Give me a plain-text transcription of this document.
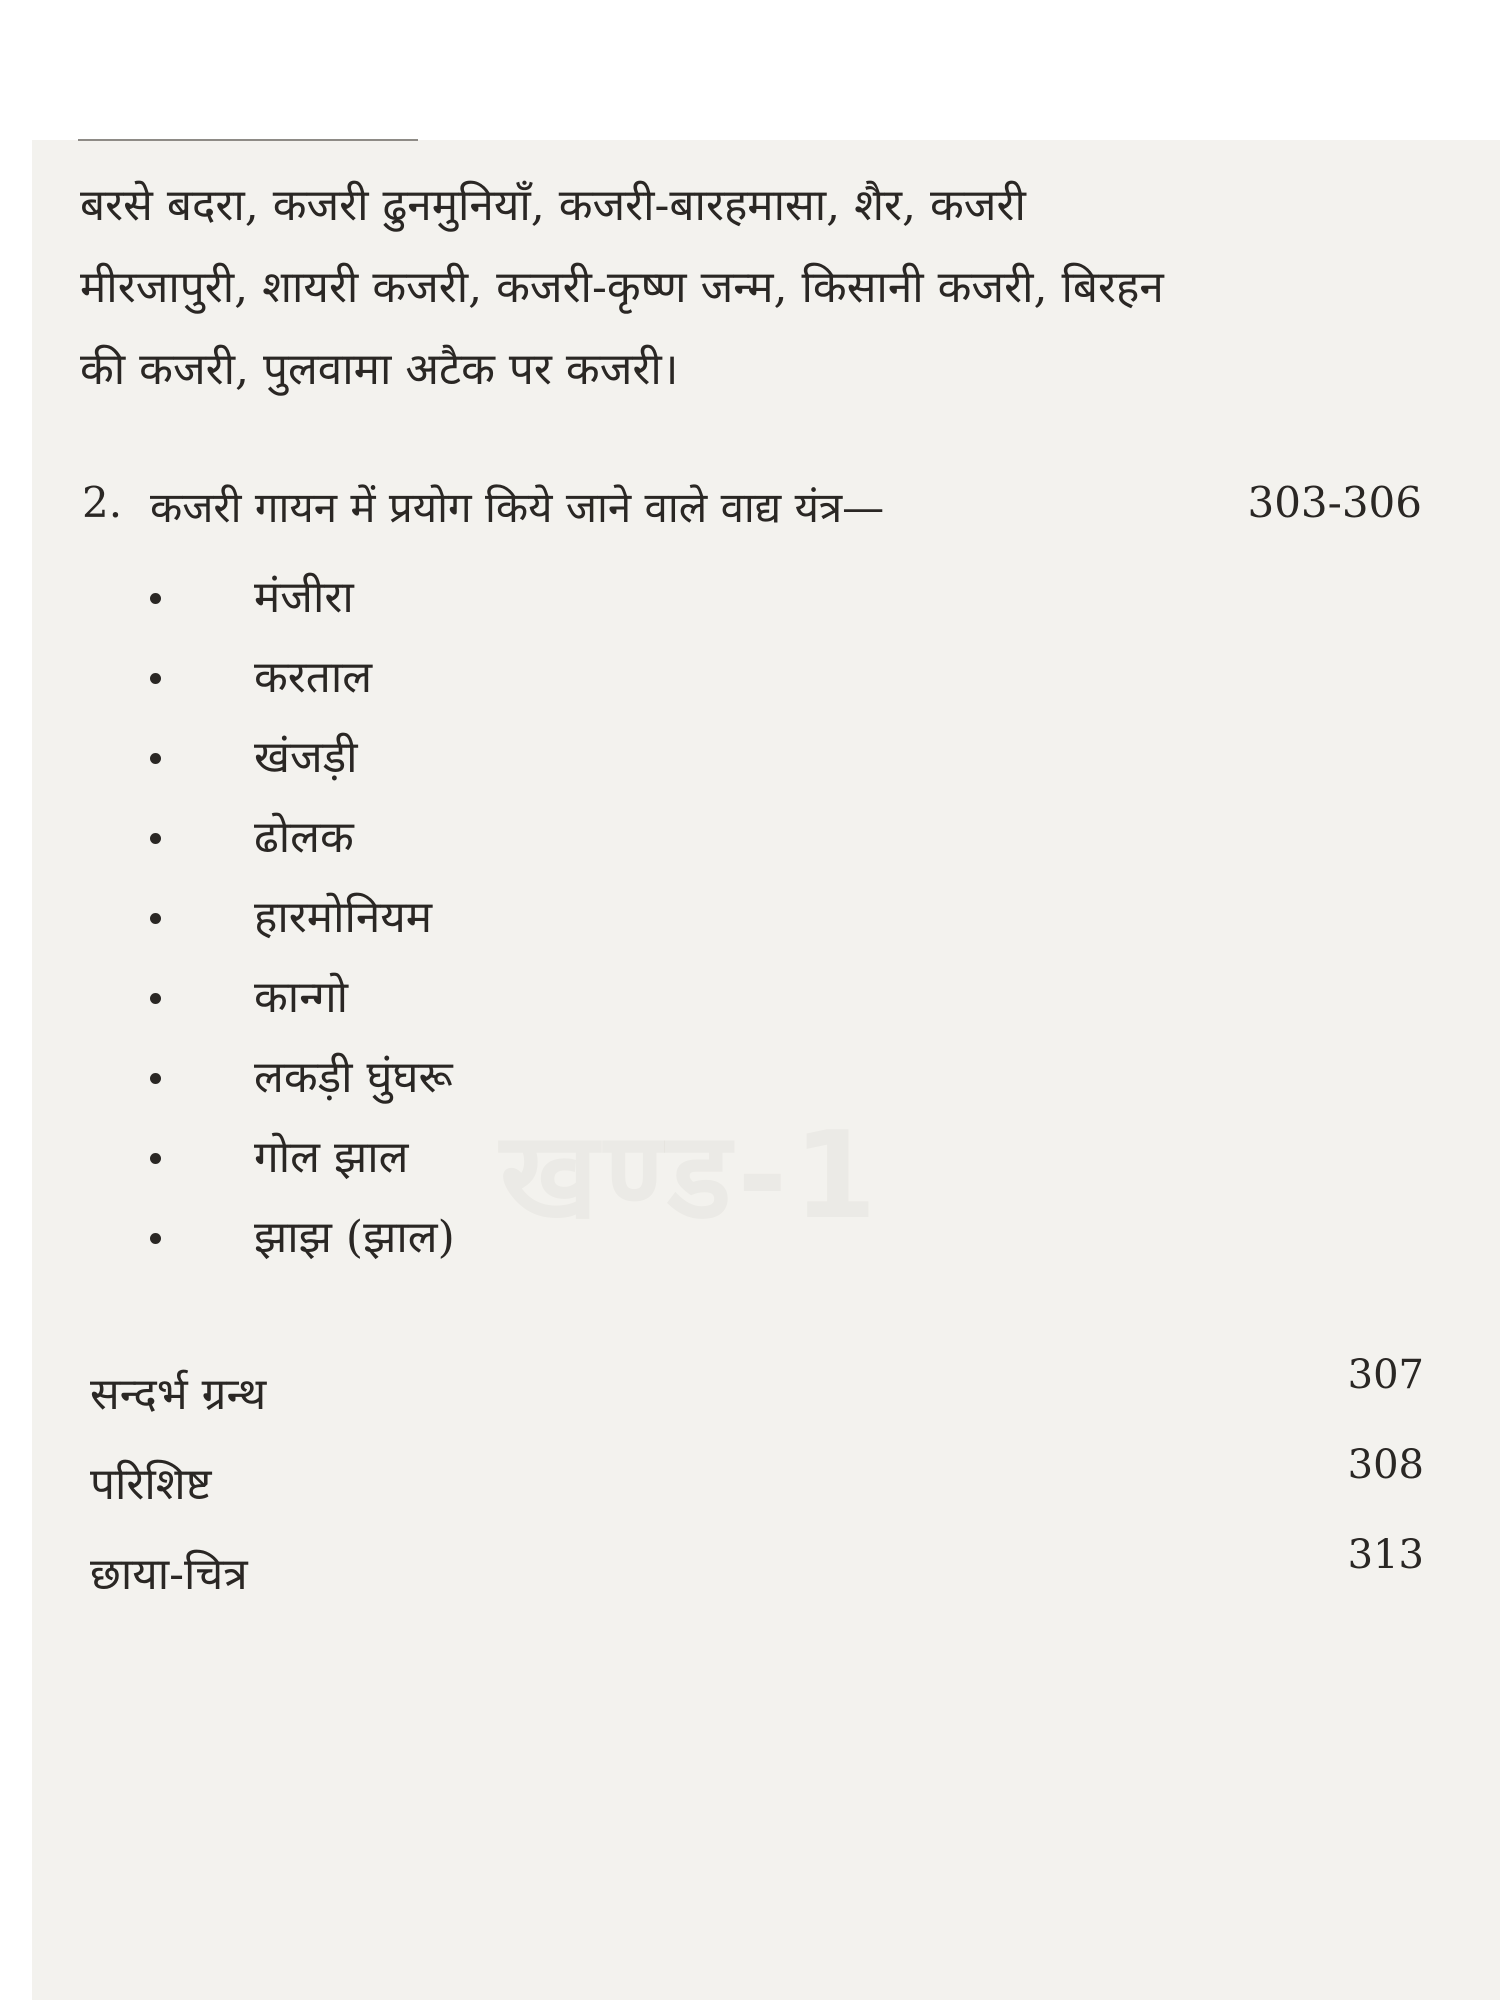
खण्ड-1

बरसे बदरा, कजरी ढुनमुनियाँ, कजरी-बारहमासा, शैर, कजरी मीरजापुरी, शायरी कजरी, कजरी-कृष्ण जन्म, किसानी कजरी, बिरहन की कजरी, पुलवामा अटैक पर कजरी।

2. कजरी गायन में प्रयोग किये जाने वाले वाद्य यंत्र—	303-306
मंजीरा
करताल
खंजड़ी
ढोलक
हारमोनियम
कान्गो
लकड़ी घुंघरू
गोल झाल
झाझ (झाल)
सन्दर्भ ग्रन्थ	307
परिशिष्ट	308
छाया-चित्र	313
